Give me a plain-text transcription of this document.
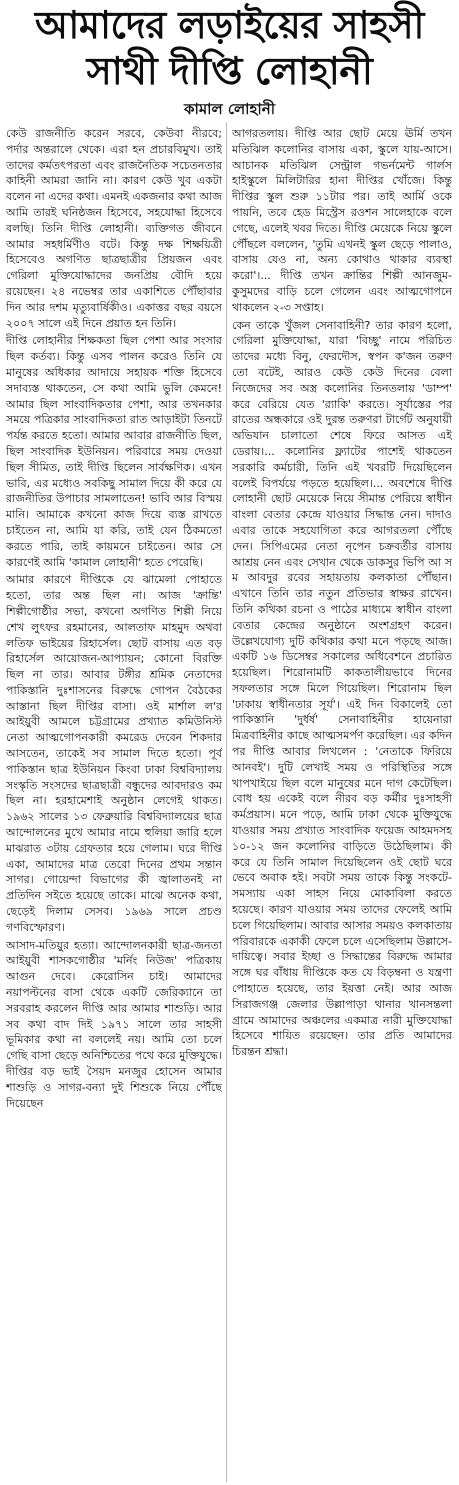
আমাদের লড়াইয়ের সাহসী
সাথী দীপ্তি লোহানী
কামাল লোহানী

কেউ রাজনীতি করেন সরবে, কেউবা নীরবে; পর্দার অন্তরালে থেকে। এরা হন প্রচারবিমুখ। তাই তাদের কর্মতৎপরতা এবং রাজনৈতিক সচেতনতার কাহিনী আমরা জানি না। কারণ কেউ খুব একটা বলেন না এদের কথা। এমনই একজনার কথা আজ আমি তারই ঘনিষ্ঠজন হিসেবে, সহযোদ্ধা হিসেবে বলছি। তিনি দীপ্তি লোহানী। ব্যক্তিগত জীবনে আমার সহধর্মিণীও বটে। কিন্তু দক্ষ শিক্ষয়িত্রী হিসেবেও অগণিত ছাত্রছাত্রীর প্রিয়জন এবং গেরিলা মুক্তিযোদ্ধাদের জনপ্রিয় বৌদি হয়ে রয়েছেন। ২৪ নভেম্বর তার একাশিতে পৌঁছাবার দিন আর দশম মৃত্যুবার্ষিকীও। একাত্তর বছর বয়সে ২০০৭ সালে এই দিনে প্রয়াত হন তিনি।

দীপ্তি লোহানীর শিক্ষকতা ছিল পেশা আর সংসার ছিল কর্তব্য। কিন্তু এসব পালন করেও তিনি যে মানুষের অধিকার আদায়ে সহায়ক শক্তি হিসেবে সদাব্যস্ত থাকতেন, সে কথা আমি ভুলি কেমনে! আমার ছিল সাংবাদিকতার পেশা, আর তখনকার সময়ে পত্রিকার সাংবাদিকতা রাত আড়াইটা তিনটে পর্যন্ত করতে হতো। আমার আবার রাজনীতি ছিল, ছিল সাংবাদিক ইউনিয়ন। পরিবারে সময় দেওয়া ছিল সীমিত, তাই দীপ্তি ছিলেন সার্বক্ষণিক। এখন ভাবি, এর মধ্যেও সবকিছু সামাল দিয়ে কী করে যে রাজনীতির উপাচার সামলাতেন! ভাবি আর বিস্ময় মানি। আমাকে কখনো কাজ দিয়ে ব্যস্ত রাখতে চাইতেন না, আমি যা করি, তাই যেন ঠিকমতো করতে পারি, তাই কায়মনে চাইতেন। আর সে কারণেই আমি 'কামাল লোহানী' হতে পেরেছি।

আমার কারণে দীপ্তিকে যে ঝামেলা পোহাতে হতো, তার অন্ত ছিল না। আজ 'ক্রান্তি' শিল্পীগোষ্ঠীর সভা, কখনো অগণিত শিল্পী নিয়ে শেখ লুৎফর রহমানের, আলতাফ মাহমুদ অথবা লতিফ ভাইয়ের রিহার্সেল। ছোট বাসায় এত বড় রিহার্সেল আয়োজন-আপ্যায়ন; কোনো বিরক্তি ছিল না তার। আবার টঙ্গীর শ্রমিক নেতাদের পাকিস্তানি দুঃশাসনের বিরুদ্ধে গোপন বৈঠকের আস্তানা ছিল দীপ্তির বাসা। ওই মার্শাল ল'র আইয়ুবী আমলে চট্টগ্রামের প্রখ্যাত কমিউনিস্ট নেতা আত্মগোপনকারী কমরেড দেবেন শিকদার আসতেন, তাকেই সব সামাল দিতে হতো। পূর্ব পাকিস্তান ছাত্র ইউনিয়ন কিংবা ঢাকা বিশ্ববিদ্যালয় সংস্কৃতি সংসদের ছাত্রছাত্রী বন্ধুদের আবদারও কম ছিল না। হরহামেশাই অনুষ্ঠান লেগেই থাকত। ১৯৬২ সালের ১৩ ফেব্রুয়ারি বিশ্ববিদ্যালয়ের ছাত্র আন্দোলনের মুখে আমার নামে হুলিয়া জারি হলে মাঝরাত ৩টায় গ্রেফতার হয়ে গেলাম। ঘরে দীপ্তি একা, আমাদের মাত্র তেরো দিনের প্রথম সন্তান সাগর। গোয়েন্দা বিভাগের কী জ্বালাতনই না প্রতিদিন সইতে হয়েছে তাকে। মাঝে অনেক কথা, ছেড়েই দিলাম সেসব। ১৯৬৯ সালে প্রচণ্ড গণবিস্ফোরণ।

আসাদ-মতিয়ুর হত্যা। আন্দোলনকারী ছাত্র-জনতা আইয়ুবী শাসকগোষ্ঠীর 'মর্নিং নিউজ' পত্রিকায় আগুন দেবে। কেরোসিন চাই। আমাদের নয়াপল্টনের বাসা থেকে একটি জেরিক্যানে তা সরবরাহ করলেন দীপ্তি আর আমার শাশুড়ি। আর সব কথা বাদ দিই ১৯৭১ সালে তার সাহসী ভূমিকার কথা না বললেই নয়। আমি তো চলে গেছি বাসা ছেড়ে অনিশ্চিতের পথে করে মুক্তিযুদ্ধে। দীপ্তির বড় ভাই সৈয়দ মনজুর হোসেন আমার শাশুড়ি ও সাগর-বন্যা দুই শিশুকে নিয়ে পৌঁছে দিয়েছেন

আগরতলায়। দীপ্তি আর ছোট মেয়ে ঊর্মি তখন মতিঝিল কলোনির বাসায় একা, স্কুলে যায়-আসে। আচানক মতিঝিল সেন্ট্রাল গভর্নমেন্ট গার্লস হাইস্কুলে মিলিটারির হানা দীপ্তির খোঁজে। কিন্তু দীপ্তির স্কুল শুরু ১১টার পর। তাই আর্মি ওকে পায়নি, তবে হেড মিস্ট্রেস রওশন সালেহাকে বলে গেছে, এলেই খবর দিতে। দীপ্তি মেয়েকে নিয়ে স্কুলে পৌঁছলে বললেন, 'তুমি এখনই স্কুল ছেড়ে পালাও, বাসায় যেও না, অন্য কোথাও থাকার ব্যবস্থা করো'।... দীপ্তি তখন ক্রান্তির শিল্পী আনজুম-কুসুমদের বাড়ি চলে গেলেন এবং আত্মগোপনে থাকলেন ২-৩ সপ্তাহ।

কেন তাকে খুঁজল সেনাবাহিনী? তার কারণ হলো, গেরিলা মুক্তিযোদ্ধা, যারা 'বিচ্ছু' নামে পরিচিত তাদের মধ্যে বিনু, ফেরদৌস, স্বপন ক'জন তরুণ তো বটেই, আরও কেউ কেউ দিনের বেলা নিজেদের সব অস্ত্র কলোনির তিনতলায় 'ডাম্প' করে বেরিয়ে যেত 'র‌্যাকি' করতে। সূর্যাস্তের পর রাতের অন্ধকারে ওই দুরন্ত তরুণরা টার্গেট অনুযায়ী অভিযান চালাতো শেষে ফিরে আসত এই ডেরায়।... কলোনির ফ্ল্যাটের পাশেই থাকতেন সরকারি কর্মচারী, তিনি এই খবরটি দিয়েছিলেন বলেই বিপর্যয়ে পড়তে হয়েছিল।... অবশেষে দীপ্তি লোহানী ছোট মেয়েকে নিয়ে সীমান্ত পেরিয়ে স্বাধীন বাংলা বেতার কেন্দ্রে যাওয়ার সিদ্ধান্ত নেন। দাদাও এবার তাকে সহযোগিতা করে আগরতলা পৌঁছে দেন। সিপিএমের নেতা নৃপেন চক্রবর্তীর বাসায় আশ্রয় নেন এবং সেখান থেকে ডাকসুর ভিপি আ স ম আবদুর রবের সহায়তায় কলকাতা পৌঁছান। এখানে তিনি তার নতুন প্রতিভার স্বাক্ষর রাখেন। তিনি কথিকা রচনা ও পাঠের মাধ্যমে স্বাধীন বাংলা বেতার কেন্দ্রের অনুষ্ঠানে অংশগ্রহণ করেন। উল্লেখযোগ্য দুটি কথিকার কথা মনে পড়ছে আজ। একটি ১৬ ডিসেম্বর সকালের অধিবেশনে প্রচারিত হয়েছিল। শিরোনামটি কাকতালীয়ভাবে দিনের সফলতার সঙ্গে মিলে গিয়েছিল। শিরোনাম ছিল 'ঢাকায় স্বাধীনতার সূর্য'। এই দিন বিকালেই তো পাকিস্তানি 'দুর্ধর্ষ' সেনাবাহিনীর হায়েনারা মিত্রবাহিনীর কাছে আত্মসমর্পণ করেছিল। এর কদিন পর দীপ্তি আবার লিখলেন : 'নেতাকে ফিরিয়ে আনবই'। দুটি লেখাই সময় ও পরিস্থিতির সঙ্গে খাপখাইয়ে ছিল বলে মানুষের মনে দাগ কেটেছিল। বোধ হয় একেই বলে নীরব বড় কর্মীর দুঃসাহসী কর্মপ্রয়াস। মনে পড়ে, আমি ঢাকা থেকে মুক্তিযুদ্ধে যাওয়ার সময় প্রখ্যাত সাংবাদিক ফয়েজ আহমদসহ ১০-১২ জন কলোনির বাড়িতে উঠেছিলাম। কী করে যে তিনি সামাল দিয়েছিলেন ওই ছোট ঘরে ভেবে অবাক হই। সবটা সময় তাকে কিন্তু সংকটে-সমস্যায় একা সাহস নিয়ে মোকাবিলা করতে হয়েছে। কারণ যাওয়ার সময় তাদের ফেলেই আমি চলে গিয়েছিলাম। আবার আসার সময়ও কলকাতায় পরিবারকে একাকী ফেলে চলে এসেছিলাম উল্লাসে-দায়িত্বে। সবার ইচ্ছা ও সিদ্ধান্তের বিরুদ্ধে আমার সঙ্গে ঘর বাঁধায় দীপ্তিকে কত যে বিড়ম্বনা ও যন্ত্রণা পোহাতে হয়েছে, তার ইয়ত্তা নেই। আর আজ সিরাজগঞ্জ জেলার উল্লাপাড়া থানার খানসন্তলা গ্রামে আমাদের অঞ্চলের একমাত্র নারী মুক্তিযোদ্ধা হিসেবে শায়িত রয়েছেন। তার প্রতি আমাদের চিরন্তন শ্রদ্ধা।
